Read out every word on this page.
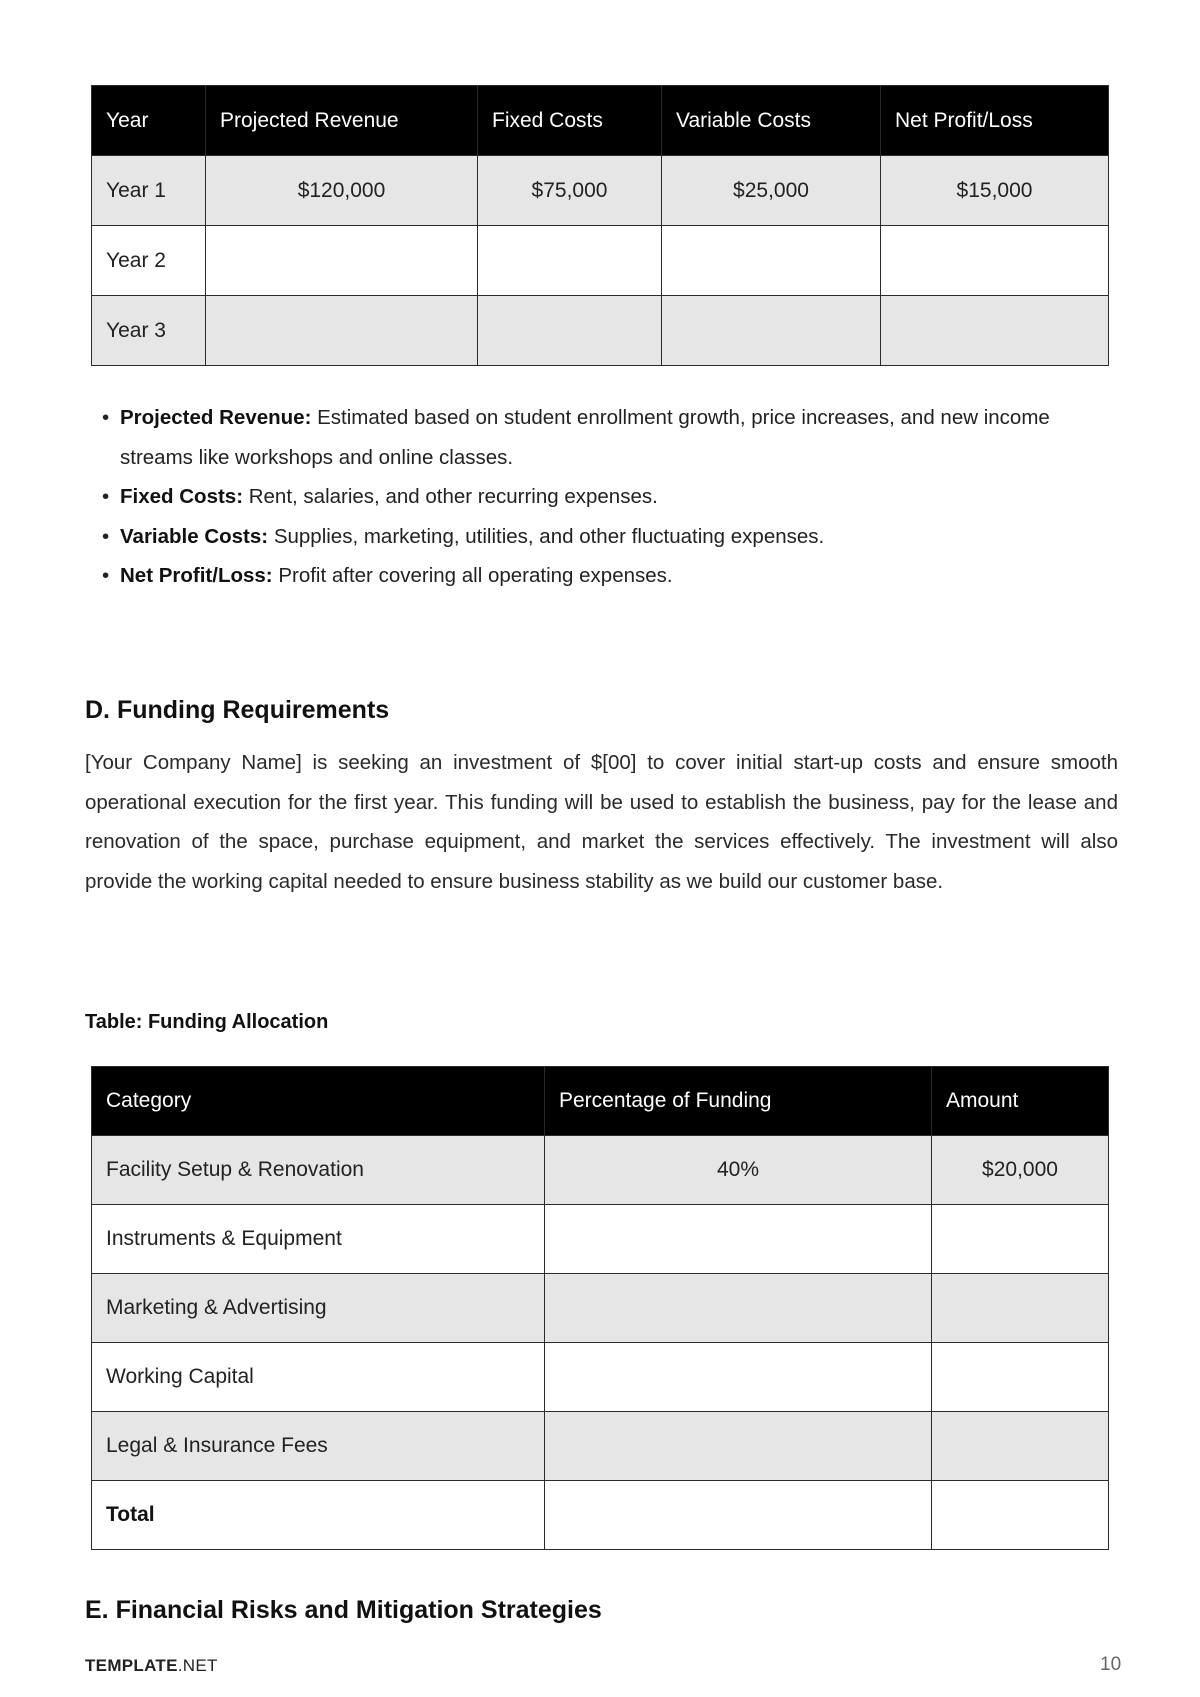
Year	Projected Revenue	Fixed Costs	Variable Costs	Net Profit/Loss
Year 1	$120,000	$75,000	$25,000	$15,000
Year 2				
Year 3				
• Projected Revenue: Estimated based on student enrollment growth, price increases, and new income streams like workshops and online classes.
• Fixed Costs: Rent, salaries, and other recurring expenses.
• Variable Costs: Supplies, marketing, utilities, and other fluctuating expenses.
• Net Profit/Loss: Profit after covering all operating expenses.
D. Funding Requirements

[Your Company Name] is seeking an investment of $[00] to cover initial start-up costs and ensure smooth operational execution for the first year. This funding will be used to establish the business, pay for the lease and renovation of the space, purchase equipment, and market the services effectively. The investment will also provide the working capital needed to ensure business stability as we build our customer base.

Table: Funding Allocation

Category	Percentage of Funding	Amount
Facility Setup & Renovation	40%	$20,000
Instruments & Equipment		
Marketing & Advertising		
Working Capital		
Legal & Insurance Fees		
Total		
E. Financial Risks and Mitigation Strategies
TEMPLATE.NET	10
